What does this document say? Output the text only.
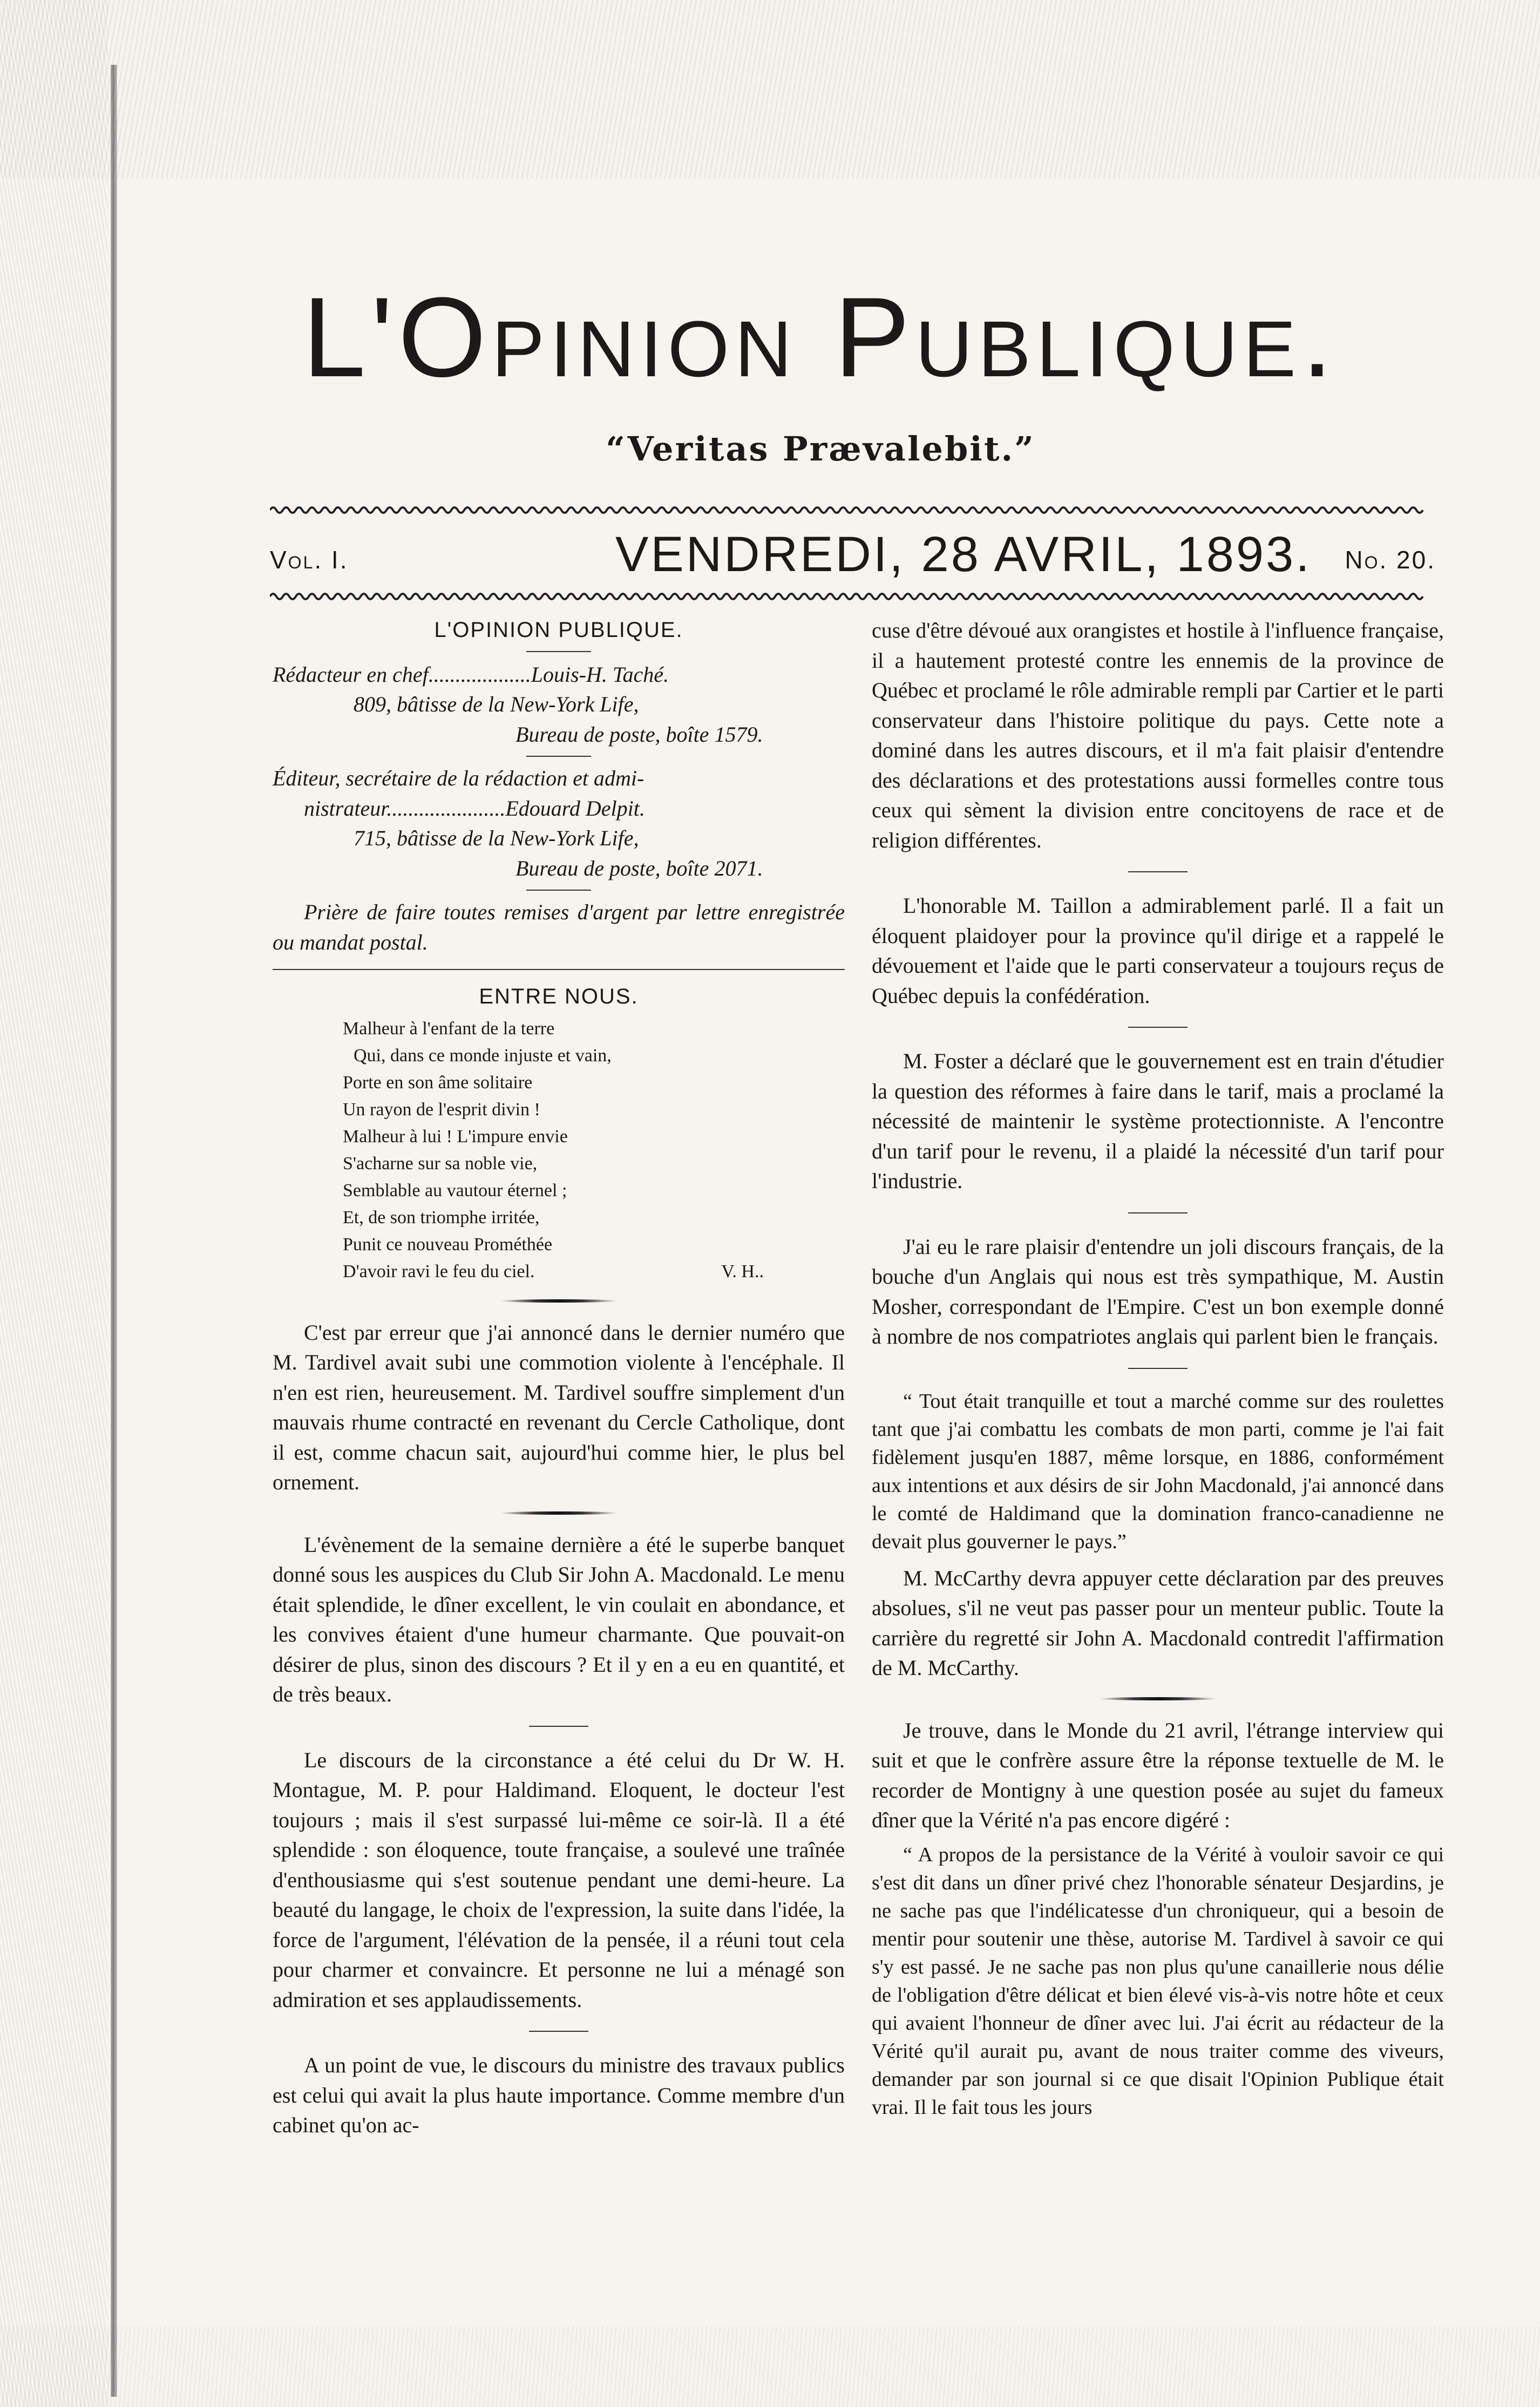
L'Opinion Publique.
“Veritas Prævalebit.”
Vol. I.	VENDREDI, 28 AVRIL, 1893. No. 20.
L'OPINION PUBLIQUE.

Rédacteur en chef...................Louis-H. Taché.

809, bâtisse de la New-York Life,

Bureau de poste, boîte 1579.

Éditeur, secrétaire de la rédaction et admi-

nistrateur......................Edouard Delpit.

715, bâtisse de la New-York Life,

Bureau de poste, boîte 2071.

Prière de faire toutes remises d'argent par lettre enregistrée ou mandat postal.

ENTRE NOUS.
Malheur à l'enfant de la terre
Qui, dans ce monde injuste et vain,
Porte en son âme solitaire
Un rayon de l'esprit divin !
Malheur à lui ! L'impure envie
S'acharne sur sa noble vie,
Semblable au vautour éternel ;
Et, de son triomphe irritée,
Punit ce nouveau Prométhée
D'avoir ravi le feu du ciel.	V. H..

C'est par erreur que j'ai annoncé dans le dernier numéro que M. Tardivel avait subi une commotion violente à l'encéphale. Il n'en est rien, heureusement. M. Tardivel souffre simplement d'un mauvais rhume contracté en revenant du Cercle Catholique, dont il est, comme chacun sait, aujourd'hui comme hier, le plus bel ornement.

L'évènement de la semaine dernière a été le superbe banquet donné sous les auspices du Club Sir John A. Macdonald. Le menu était splendide, le dîner excellent, le vin coulait en abondance, et les convives étaient d'une humeur charmante. Que pouvait-on désirer de plus, sinon des discours ? Et il y en a eu en quantité, et de très beaux.

Le discours de la circonstance a été celui du Dr W. H. Montague, M. P. pour Haldimand. Eloquent, le docteur l'est toujours ; mais il s'est surpassé lui-même ce soir-là. Il a été splendide : son éloquence, toute française, a soulevé une traînée d'enthousiasme qui s'est soutenue pendant une demi-heure. La beauté du langage, le choix de l'expression, la suite dans l'idée, la force de l'argument, l'élévation de la pensée, il a réuni tout cela pour charmer et convaincre. Et personne ne lui a ménagé son admiration et ses applaudissements.

A un point de vue, le discours du ministre des travaux publics est celui qui avait la plus haute importance. Comme membre d'un cabinet qu'on ac-

cuse d'être dévoué aux orangistes et hostile à l'influence française, il a hautement protesté contre les ennemis de la province de Québec et proclamé le rôle admirable rempli par Cartier et le parti conservateur dans l'histoire politique du pays. Cette note a dominé dans les autres discours, et il m'a fait plaisir d'entendre des déclarations et des protestations aussi formelles contre tous ceux qui sèment la division entre concitoyens de race et de religion différentes.

L'honorable M. Taillon a admirablement parlé. Il a fait un éloquent plaidoyer pour la province qu'il dirige et a rappelé le dévouement et l'aide que le parti conservateur a toujours reçus de Québec depuis la confédération.

M. Foster a déclaré que le gouvernement est en train d'étudier la question des réformes à faire dans le tarif, mais a proclamé la nécessité de maintenir le système protectionniste. A l'encontre d'un tarif pour le revenu, il a plaidé la nécessité d'un tarif pour l'industrie.

J'ai eu le rare plaisir d'entendre un joli discours français, de la bouche d'un Anglais qui nous est très sympathique, M. Austin Mosher, correspondant de l'Empire. C'est un bon exemple donné à nombre de nos compatriotes anglais qui parlent bien le français.

“ Tout était tranquille et tout a marché comme sur des roulettes tant que j'ai combattu les combats de mon parti, comme je l'ai fait fidèlement jusqu'en 1887, même lorsque, en 1886, conformément aux intentions et aux désirs de sir John Macdonald, j'ai annoncé dans le comté de Haldimand que la domination franco-canadienne ne devait plus gouverner le pays.”

M. McCarthy devra appuyer cette déclaration par des preuves absolues, s'il ne veut pas passer pour un menteur public. Toute la carrière du regretté sir John A. Macdonald contredit l'affirmation de M. McCarthy.

Je trouve, dans le Monde du 21 avril, l'étrange interview qui suit et que le confrère assure être la réponse textuelle de M. le recorder de Montigny à une question posée au sujet du fameux dîner que la Vérité n'a pas encore digéré :

“ A propos de la persistance de la Vérité à vouloir savoir ce qui s'est dit dans un dîner privé chez l'honorable sénateur Desjardins, je ne sache pas que l'indélicatesse d'un chroniqueur, qui a besoin de mentir pour soutenir une thèse, autorise M. Tardivel à savoir ce qui s'y est passé. Je ne sache pas non plus qu'une canaillerie nous délie de l'obligation d'être délicat et bien élevé vis-à-vis notre hôte et ceux qui avaient l'honneur de dîner avec lui. J'ai écrit au rédacteur de la Vérité qu'il aurait pu, avant de nous traiter comme des viveurs, demander par son journal si ce que disait l'Opinion Publique était vrai. Il le fait tous les jours
